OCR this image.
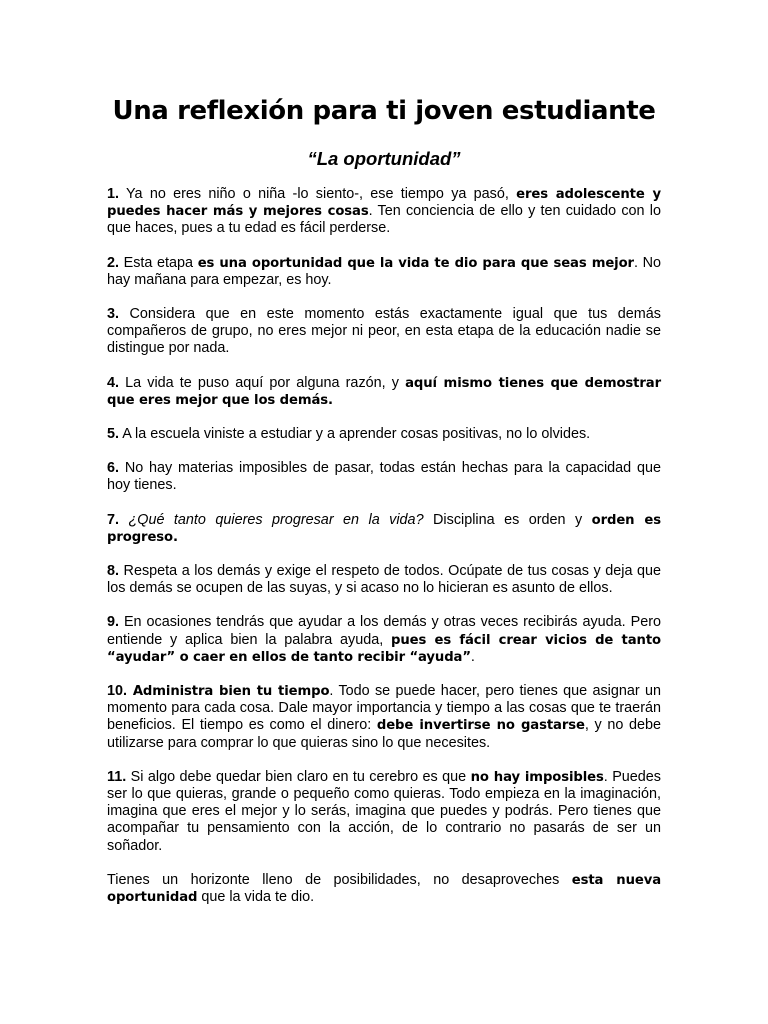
Una reflexión para ti joven estudiante
“La oportunidad”

1. Ya no eres niño o niña -lo siento-, ese tiempo ya pasó, eres adolescente y puedes hacer más y mejores cosas. Ten conciencia de ello y ten cuidado con lo que haces, pues a tu edad es fácil perderse.

2. Esta etapa es una oportunidad que la vida te dio para que seas mejor. No hay mañana para empezar, es hoy.

3. Considera que en este momento estás exactamente igual que tus demás compañeros de grupo, no eres mejor ni peor, en esta etapa de la educación nadie se distingue por nada.

4. La vida te puso aquí por alguna razón, y aquí mismo tienes que demostrar que eres mejor que los demás.

5. A la escuela viniste a estudiar y a aprender cosas positivas, no lo olvides.

6. No hay materias imposibles de pasar, todas están hechas para la capacidad que hoy tienes.

7. ¿Qué tanto quieres progresar en la vida? Disciplina es orden y orden es progreso.

8. Respeta a los demás y exige el respeto de todos. Ocúpate de tus cosas y deja que los demás se ocupen de las suyas, y si acaso no lo hicieran es asunto de ellos.

9. En ocasiones tendrás que ayudar a los demás y otras veces recibirás ayuda. Pero entiende y aplica bien la palabra ayuda, pues es fácil crear vicios de tanto “ayudar” o caer en ellos de tanto recibir “ayuda”.

10. Administra bien tu tiempo. Todo se puede hacer, pero tienes que asignar un momento para cada cosa. Dale mayor importancia y tiempo a las cosas que te traerán beneficios. El tiempo es como el dinero: debe invertirse no gastarse, y no debe utilizarse para comprar lo que quieras sino lo que necesites.

11. Si algo debe quedar bien claro en tu cerebro es que no hay imposibles. Puedes ser lo que quieras, grande o pequeño como quieras. Todo empieza en la imaginación, imagina que eres el mejor y lo serás, imagina que puedes y podrás. Pero tienes que acompañar tu pensamiento con la acción, de lo contrario no pasarás de ser un soñador.

Tienes un horizonte lleno de posibilidades, no desaproveches esta nueva oportunidad que la vida te dio.
